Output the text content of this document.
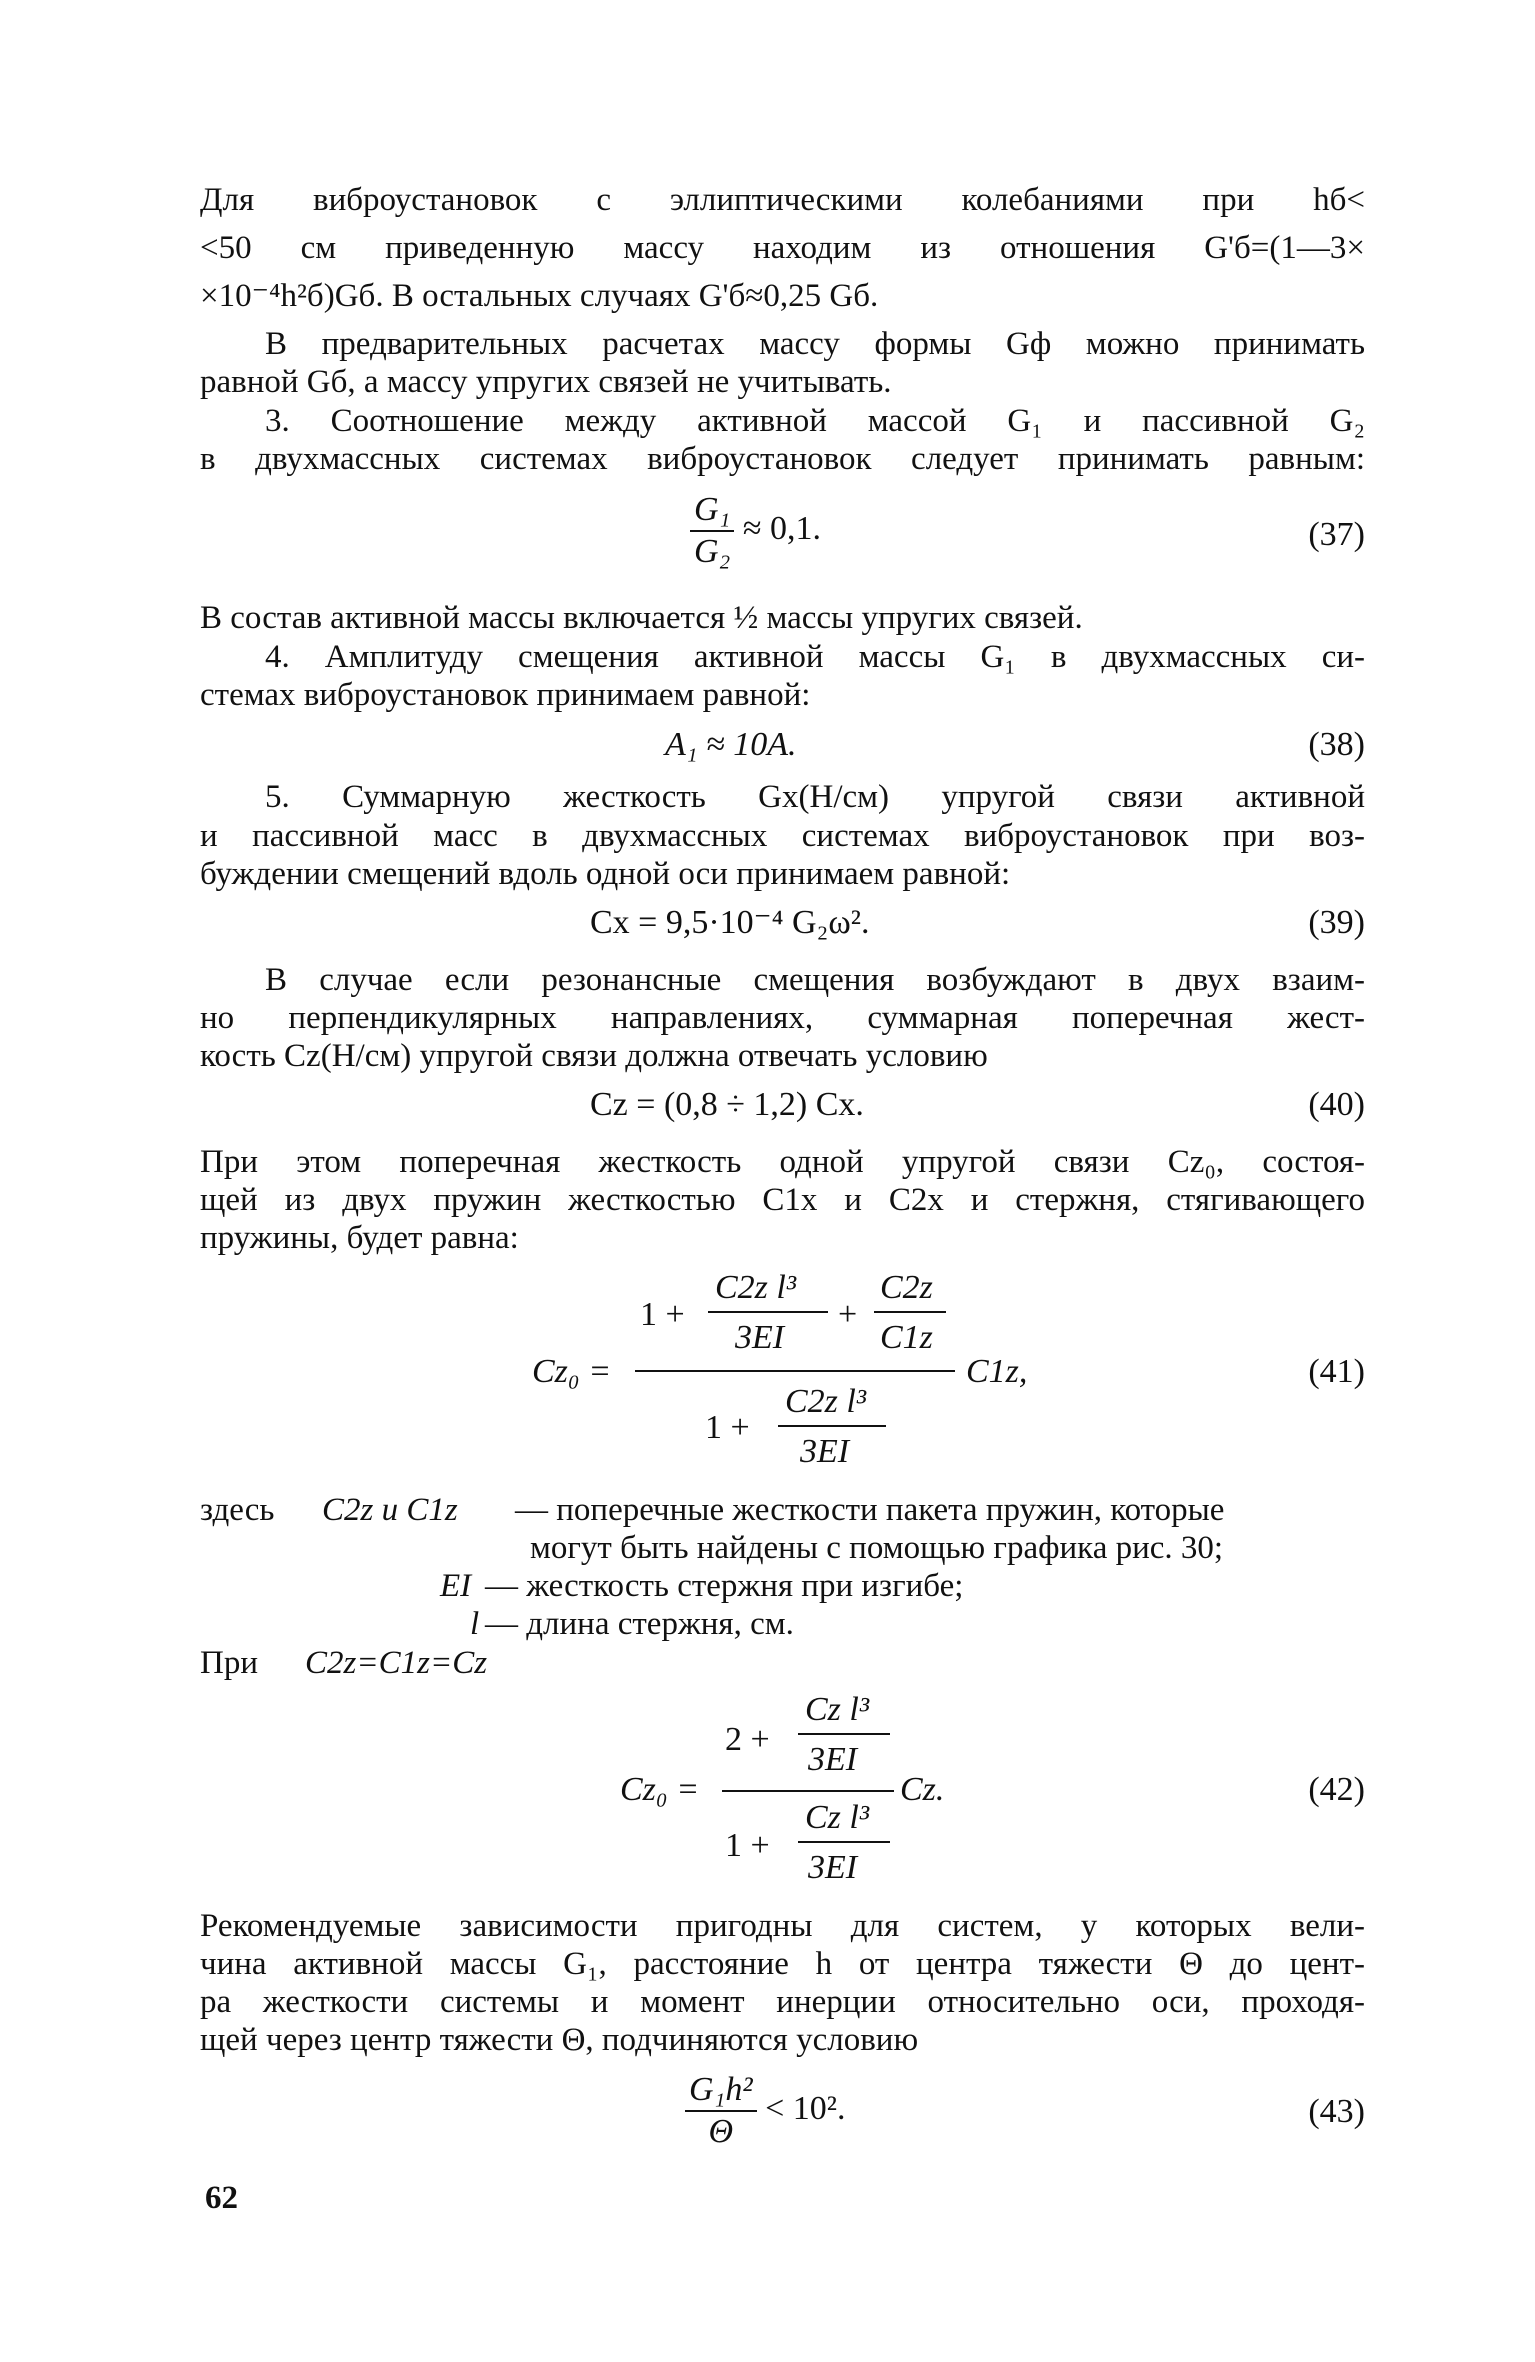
Для виброустановок с эллиптическими колебаниями при hб<
<50 см приведенную массу находим из отношения G'б=(1—3×
×10⁻⁴h²б)Gб. В остальных случаях G'б≈0,25 Gб.
В предварительных расчетах массу формы Gф можно принимать
равной Gб, а массу упругих связей не учитывать.
3. Соотношение между активной массой G₁ и пассивной G₂
в двухмассных системах виброустановок следует принимать равным:
$\frac{\text{G₁}}{\text{G₂}} \approx 0,1$.	(37)
В состав активной массы включается ½ массы упругих связей.
4. Амплитуду смещения активной массы G₁ в двухмассных си-
стемах виброустановок принимаем равной:
A₁ ≈ 10A.	(38)
5. Суммарную жесткость Gx(Н/см) упругой связи активной
и пассивной масс в двухмассных системах виброустановок при воз-
буждении смещений вдоль одной оси принимаем равной:
Cx = 9,5·10⁻⁴ G₂ω².	(39)
В случае если резонансные смещения возбуждают в двух взаим-
но перпендикулярных направлениях, суммарная поперечная жест-
кость Cz(Н/см) упругой связи должна отвечать условию
Cz = (0,8 ÷ 1,2) Cx.	(40)
При этом поперечная жесткость одной упругой связи Cz₀, состоя-
щей из двух пружин жесткостью C1x и C2x и стержня, стягивающего
пружины, будет равна:
Cz₀ =
1 +
C2z l³
3EI
+
C2z
C1z
1 +
C2z l³
3EI
C1z,	(41)
здесь C2z и C1z — поперечные жесткости пакета пружин, которые
могут быть найдены с помощью графика рис. 30;
EI — жесткость стержня при изгибе;
l — длина стержня, см.
При C2z=C1z=Cz
Cz₀ =
2 +
Cz l³
3EI
1 +
Cz l³
3EI
Cz.	(42)
Рекомендуемые зависимости пригодны для систем, у которых вели-
чина активной массы G₁, расстояние h от центра тяжести Θ до цент-
ра жесткости системы и момент инерции относительно оси, проходя-
щей через центр тяжести Θ, подчиняются условию
$\frac{\text{G₁h²}}{\Theta} < 10^2$.	(43)
62
